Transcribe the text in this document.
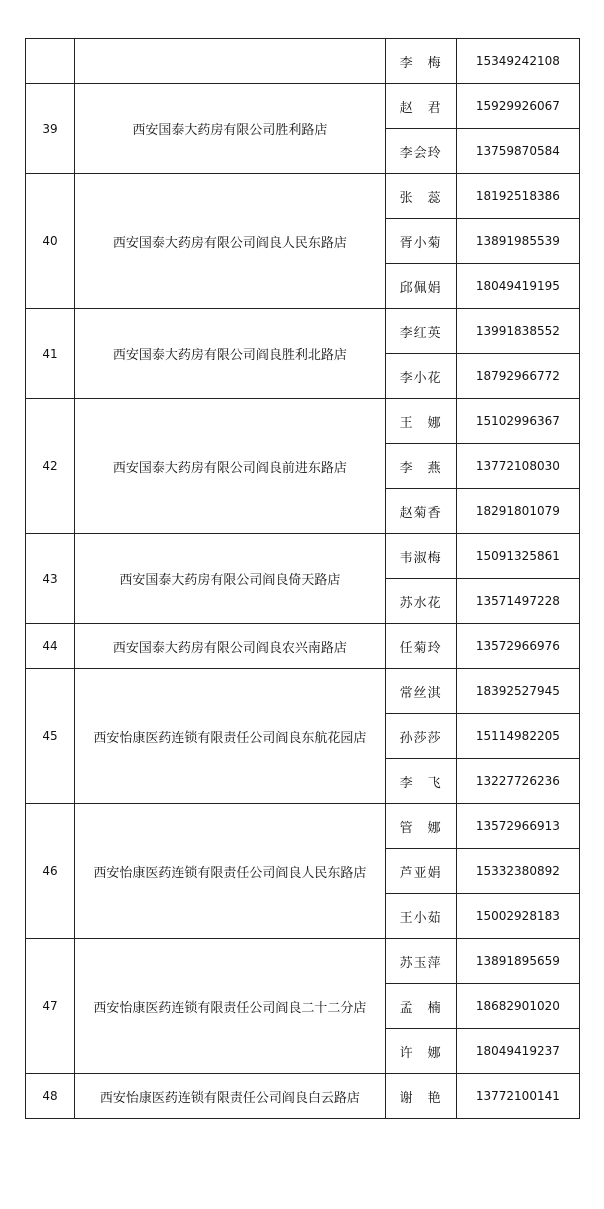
		李　梅	15349242108
39	西安国泰大药房有限公司胜利路店	赵　君	15929926067
		李会玲	13759870584
40	西安国泰大药房有限公司阎良人民东路店	张　蕊	18192518386
		胥小菊	13891985539
		邱佩娟	18049419195
41	西安国泰大药房有限公司阎良胜利北路店	李红英	13991838552
		李小花	18792966772
42	西安国泰大药房有限公司阎良前进东路店	王　娜	15102996367
		李　燕	13772108030
		赵菊香	18291801079
43	西安国泰大药房有限公司阎良倚天路店	韦淑梅	15091325861
		苏水花	13571497228
44	西安国泰大药房有限公司阎良农兴南路店	任菊玲	13572966976
45	西安怡康医药连锁有限责任公司阎良东航花园店	常丝淇	18392527945
		孙莎莎	15114982205
		李　飞	13227726236
46	西安怡康医药连锁有限责任公司阎良人民东路店	管　娜	13572966913
		芦亚娟	15332380892
		王小茹	15002928183
47	西安怡康医药连锁有限责任公司阎良二十二分店	苏玉萍	13891895659
		孟　楠	18682901020
		许　娜	18049419237
48	西安怡康医药连锁有限责任公司阎良白云路店	谢　艳	13772100141
